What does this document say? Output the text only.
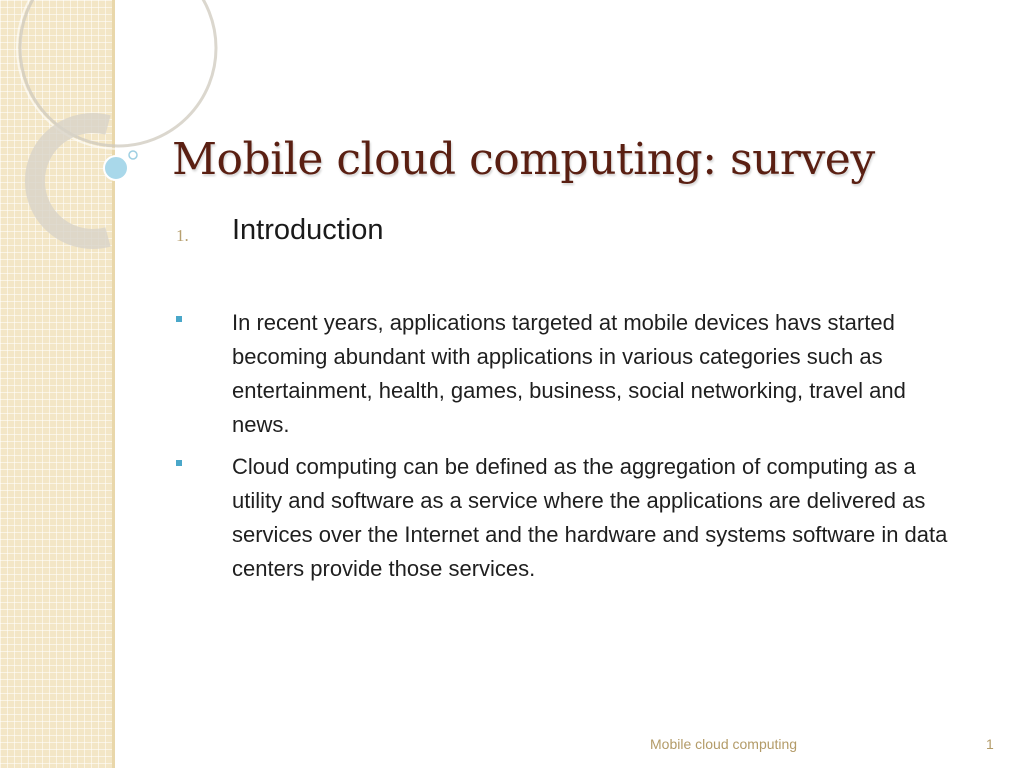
Mobile cloud computing: survey
1. Introduction
In recent years, applications targeted at mobile devices havs started becoming abundant with applications in various categories such as entertainment, health, games, business, social networking, travel and news.
Cloud computing can be defined as the aggregation of computing as a utility and software as a service where the applications are delivered as services over the Internet and the hardware and systems software in data centers provide those services.
Mobile cloud computing	1
